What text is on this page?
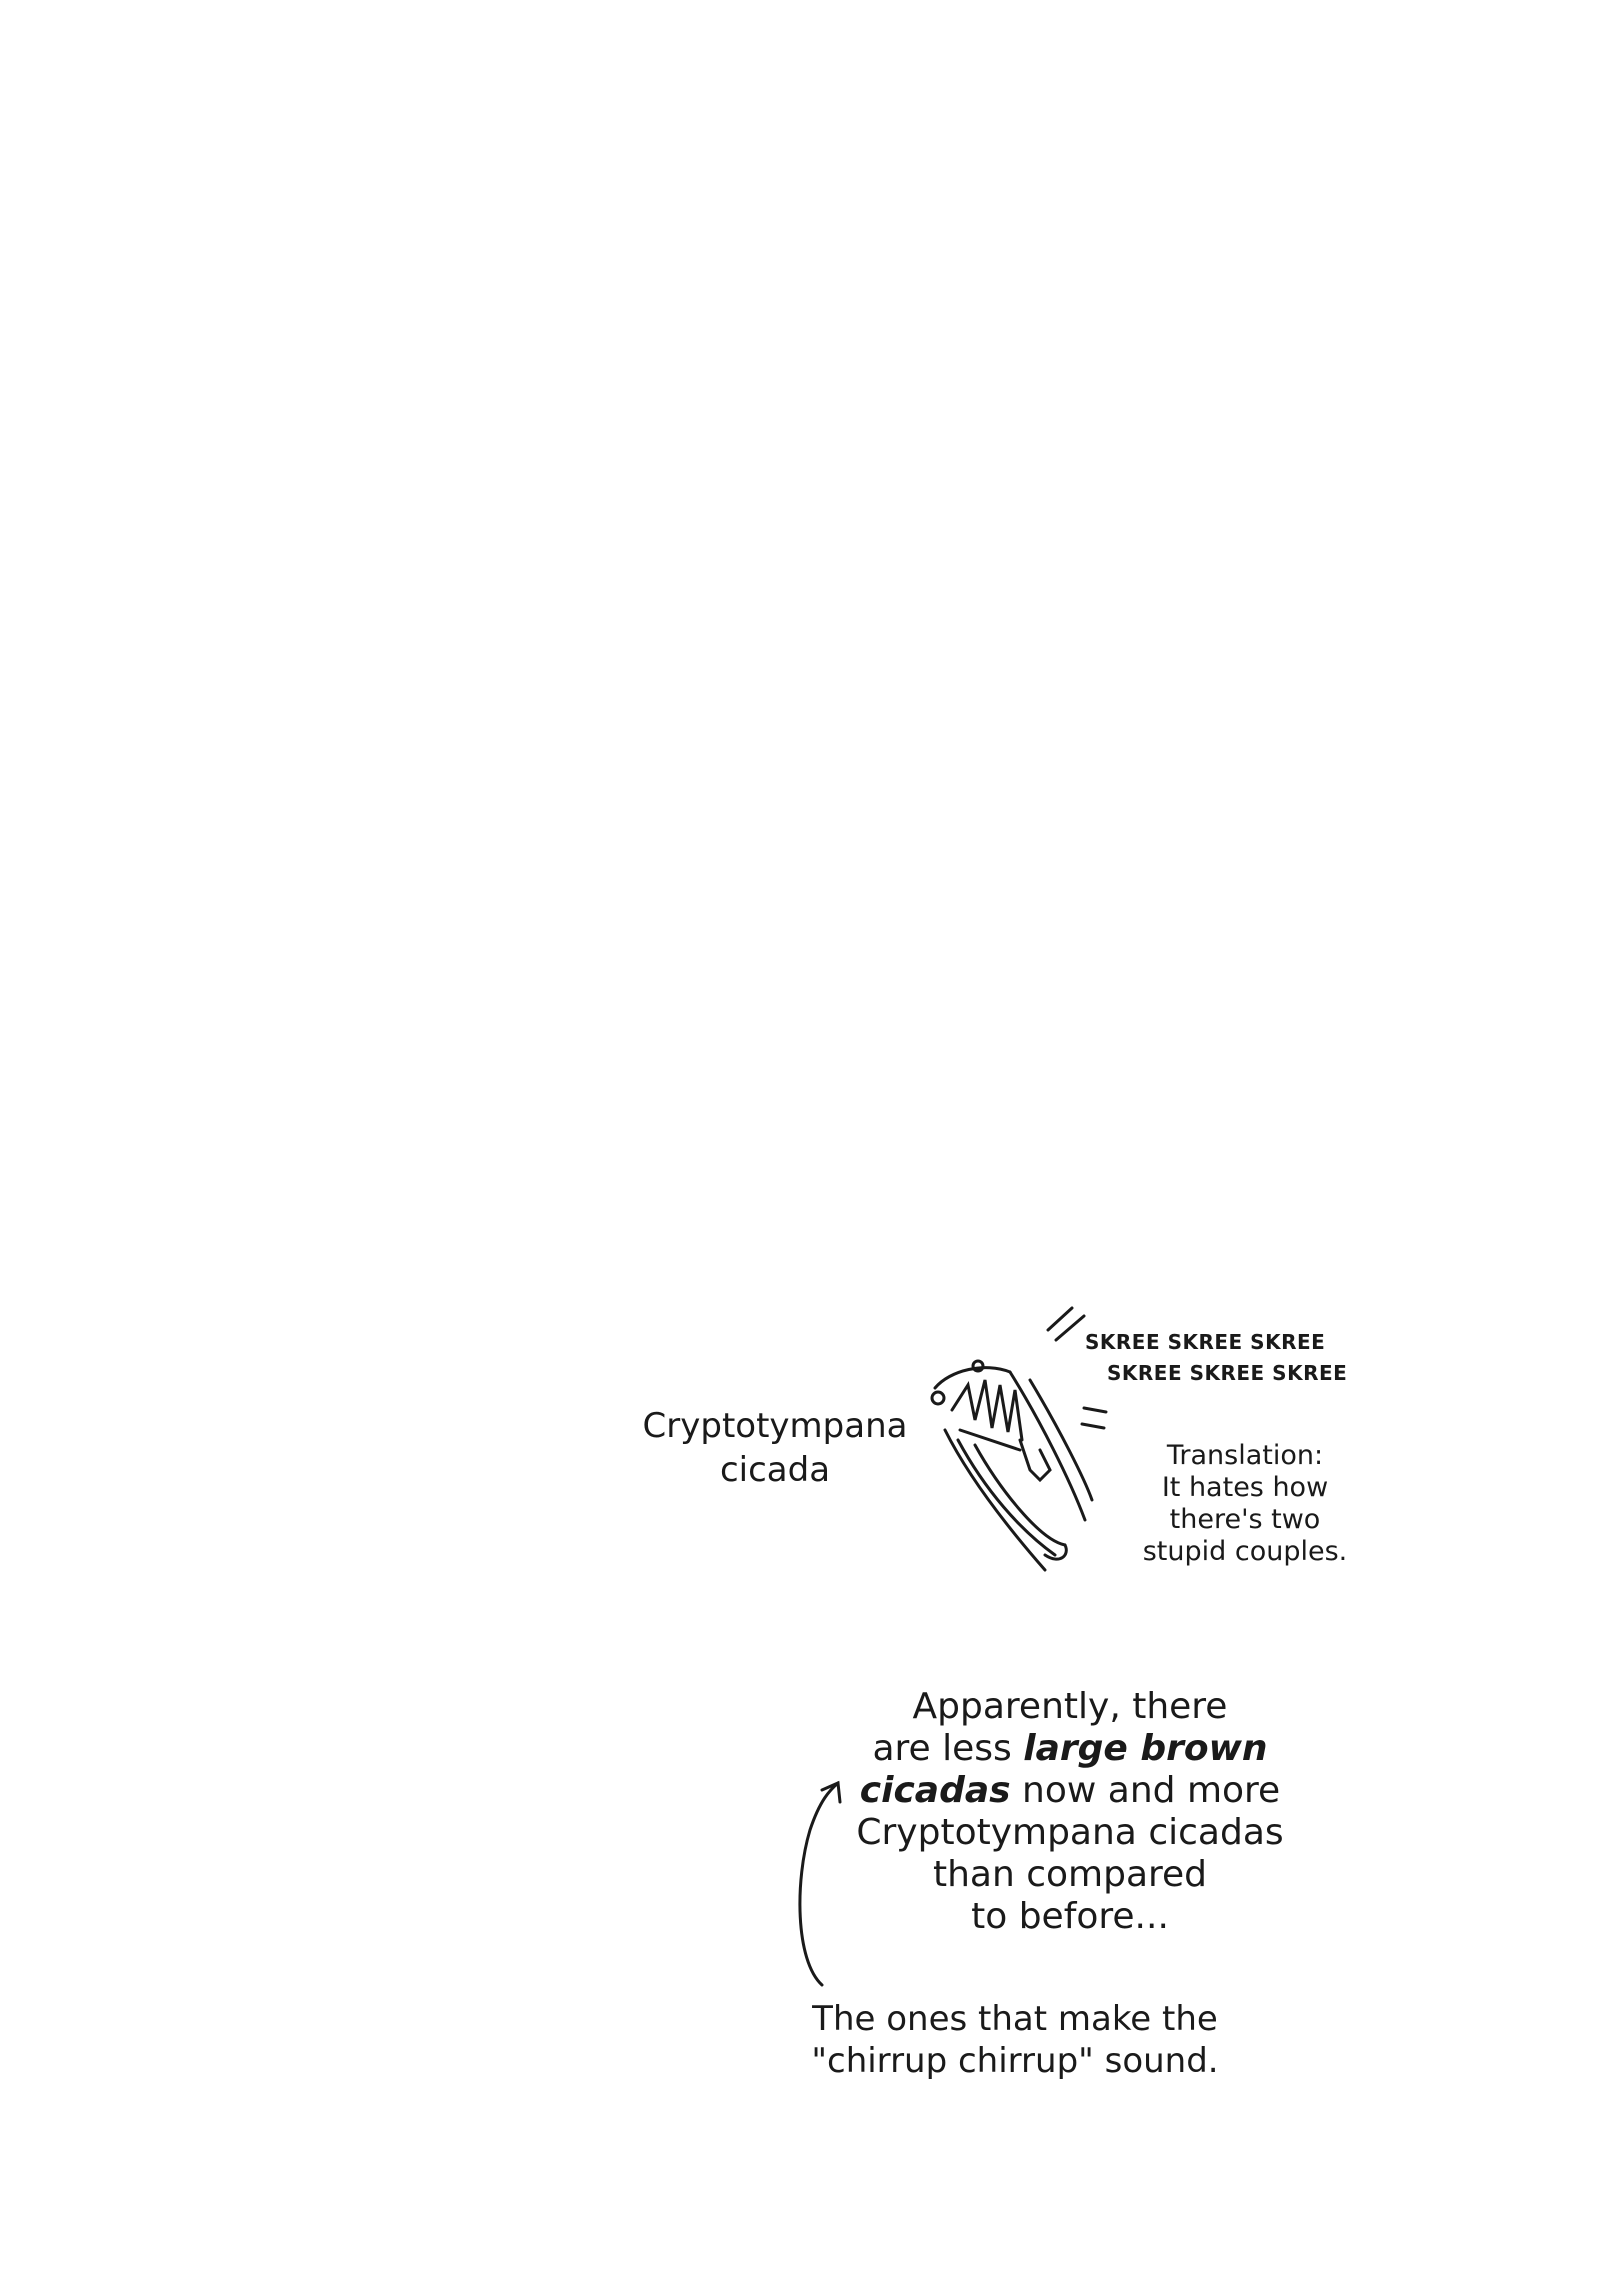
Cryptotympana
cicada
SKREE SKREE SKREE SKREE SKREE SKREE
Translation:
It hates how
there's two
stupid couples.
Apparently, there
are less large brown
cicadas now and more
Cryptotympana cicadas
than compared
to before...
The ones that make the
"chirrup chirrup" sound.
